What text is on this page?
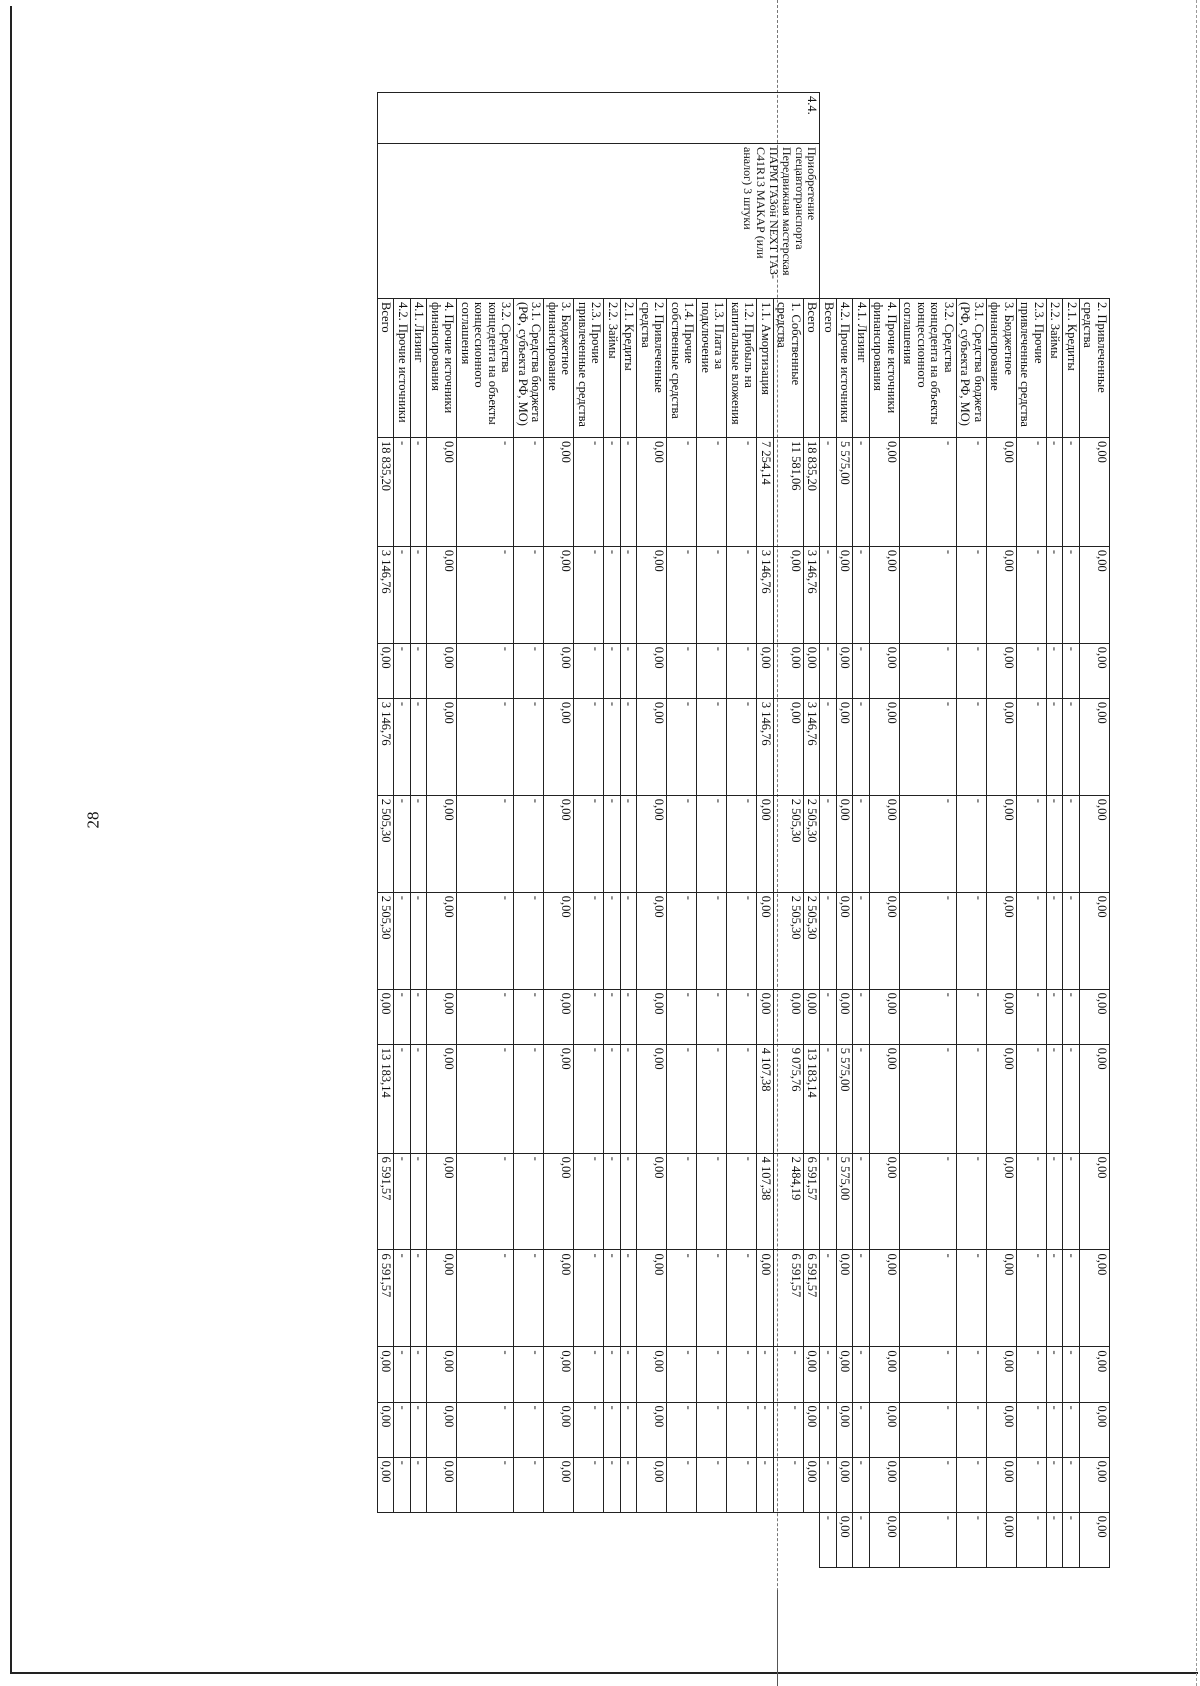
28
		2. Привлеченные средства	0,00	0,00	0,00	0,00	0,00	0,00	0,00	0,00	0,00	0,00	0,00	0,00	0,00	0,00
		2.1. Кредиты	-	-	-	-	-	-	-	-	-	-	-	-	-	-
		2.2. Займы	-	-	-	-	-	-	-	-	-	-	-	-	-	-
		2.3. Прочие привлеченные средства	-	-	-	-	-	-	-	-	-	-	-	-	-	-
		3. Бюджетное финансирование	0,00	0,00	0,00	0,00	0,00	0,00	0,00	0,00	0,00	0,00	0,00	0,00	0,00	0,00
		3.1. Средства бюджета (РФ, субъекта РФ, МО)	-	-	-	-	-	-	-	-	-	-	-	-	-	-
		3.2. Средства концедента на объекты концессионного соглашения	-	-	-	-	-	-	-	-	-	-	-	-	-	-
		4. Прочие источники финансирования	0,00	0,00	0,00	0,00	0,00	0,00	0,00	0,00	0,00	0,00	0,00	0,00	0,00	0,00
		4.1. Лизинг	-	-	-	-	-	-	-	-	-	-	-	-	-	-
		4.2. Прочие источники	5 575,00	0,00	0,00	0,00	0,00	0,00	0,00	5 575,00	5 575,00	0,00	0,00	0,00	0,00	0,00
		Всего	-	-	-	-	-	-	-	-	-	-	-	-	-	-
4.4.	Приобретение спецавтотранспорта Передвижная мастерская ПАРМ ГАЗон NEXT ГАЗ-C41R13 МАКАР (или аналог) 3 штуки	Всего	18 835,20	3 146,76	0,00	3 146,76	2 505,30	2 505,30	0,00	13 183,14	6 591,57	6 591,57	0,00	0,00	0,00	
		1. Собственные средства	11 581,06	0,00	0,00	0,00	2 505,30	2 505,30	0,00	9 075,76	2 484,19	6 591,57	-	-	-	
		1.1. Амортизация	7 254,14	3 146,76	0,00	3 146,76	0,00	0,00	0,00	4 107,38	4 107,38	0,00	-	-	-	
		1.2. Прибыль на капитальные вложения	-	-	-	-	-	-	-	-	-	-	-	-	-	
		1.3. Плата за подключение	-	-	-	-	-	-	-	-	-	-	-	-	-	
		1.4. Прочие собственные средства	-	-	-	-	-	-	-	-	-	-	-	-	-	
		2. Привлеченные средства	0,00	0,00	0,00	0,00	0,00	0,00	0,00	0,00	0,00	0,00	0,00	0,00	0,00	
		2.1. Кредиты	-	-	-	-	-	-	-	-	-	-	-	-	-	
		2.2. Займы	-	-	-	-	-	-	-	-	-	-	-	-	-	
		2.3. Прочие привлеченные средства	-	-	-	-	-	-	-	-	-	-	-	-	-	
		3. Бюджетное финансирование	0,00	0,00	0,00	0,00	0,00	0,00	0,00	0,00	0,00	0,00	0,00	0,00	0,00	
		3.1. Средства бюджета (РФ, субъекта РФ, МО)	-	-	-	-	-	-	-	-	-	-	-	-	-	
		3.2. Средства концедента на объекты концессионного соглашения	-	-	-	-	-	-	-	-	-	-	-	-	-	
		4. Прочие источники финансирования	0,00	0,00	0,00	0,00	0,00	0,00	0,00	0,00	0,00	0,00	0,00	0,00	0,00	
		4.1. Лизинг	-	-	-	-	-	-	-	-	-	-	-	-	-	
		4.2. Прочие источники	-	-	-	-	-	-	-	-	-	-	-	-	-	
		Всего	18 835,20	3 146,76	0,00	3 146,76	2 505,30	2 505,30	0,00	13 183,14	6 591,57	6 591,57	0,00	0,00	0,00	
